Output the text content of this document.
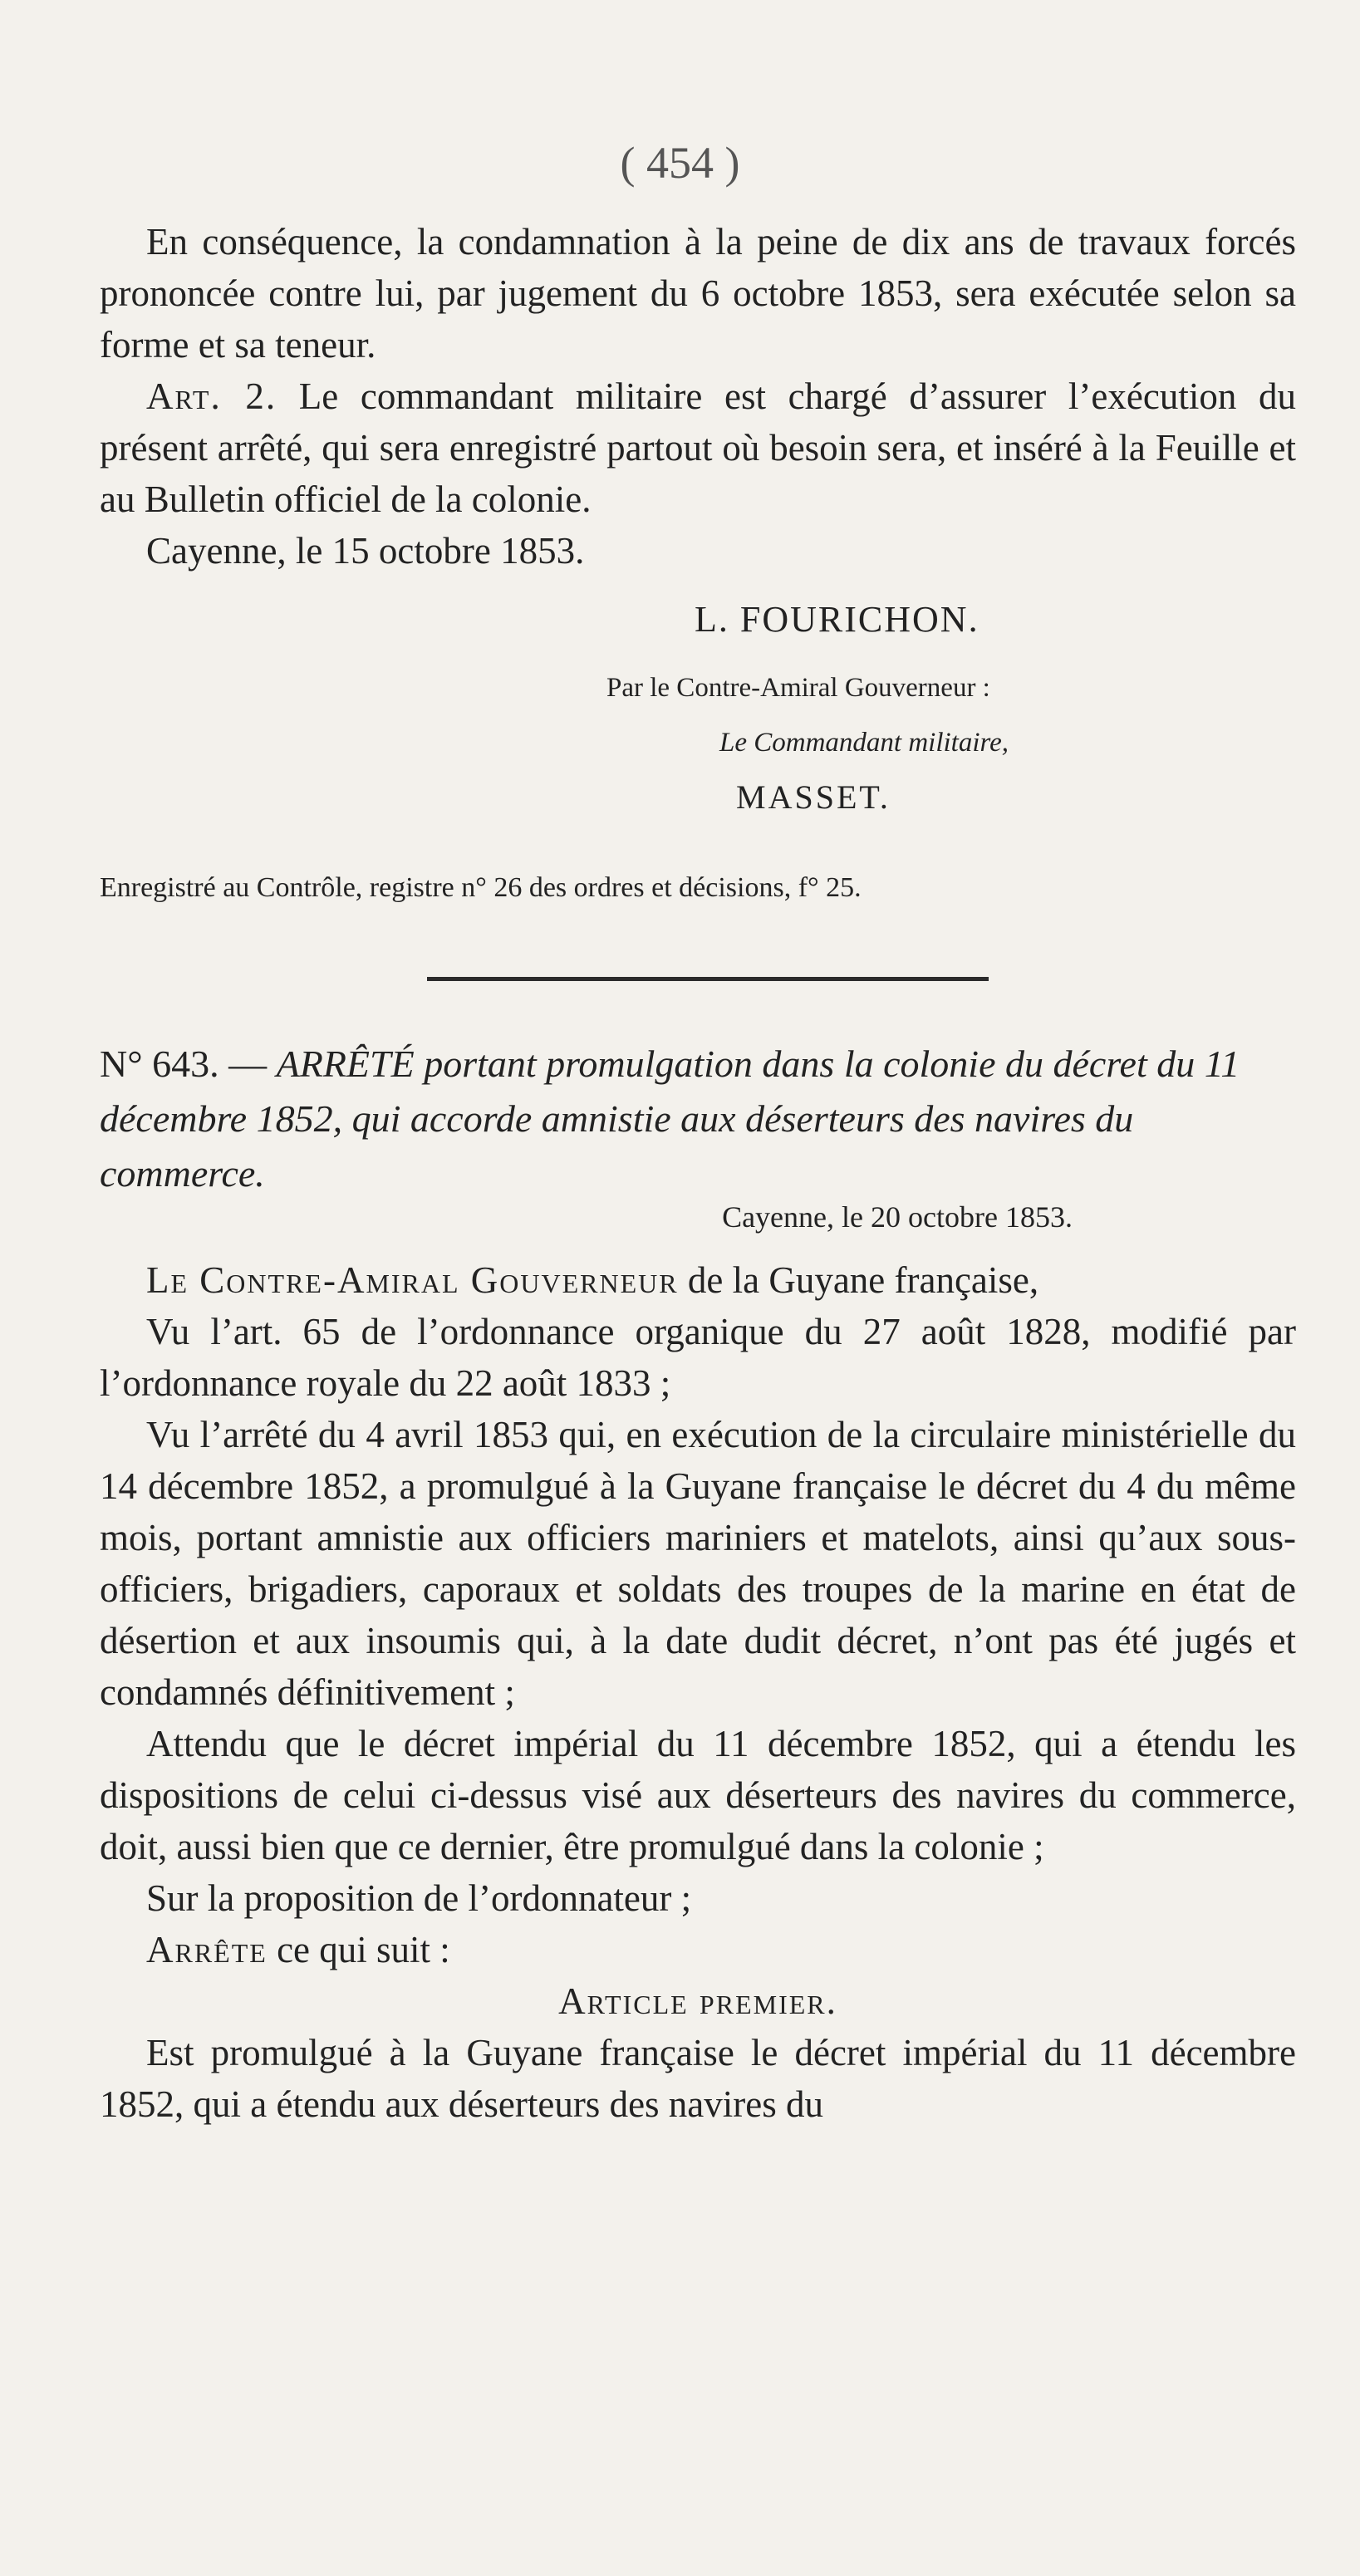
( 454 )

En conséquence, la condamnation à la peine de dix ans de travaux forcés prononcée contre lui, par jugement du 6 octobre 1853, sera exécutée selon sa forme et sa teneur.

Art. 2. Le commandant militaire est chargé d’assurer l’exécution du présent arrêté, qui sera enregistré partout où besoin sera, et inséré à la Feuille et au Bulletin officiel de la colonie.

Cayenne, le 15 octobre 1853.

L. FOURICHON.
Par le Contre-Amiral Gouverneur :
Le Commandant militaire,
MASSET.
Enregistré au Contrôle, registre n° 26 des ordres et décisions, f° 25.
N° 643. — ARRÊTÉ portant promulgation dans la colonie du décret du 11 décembre 1852, qui accorde amnistie aux déserteurs des navires du commerce.
Cayenne, le 20 octobre 1853.

Le Contre-Amiral Gouverneur de la Guyane française,

Vu l’art. 65 de l’ordonnance organique du 27 août 1828, modifié par l’ordonnance royale du 22 août 1833 ;

Vu l’arrêté du 4 avril 1853 qui, en exécution de la circulaire ministérielle du 14 décembre 1852, a promulgué à la Guyane française le décret du 4 du même mois, portant amnistie aux officiers mariniers et matelots, ainsi qu’aux sous-officiers, brigadiers, caporaux et soldats des troupes de la marine en état de désertion et aux insoumis qui, à la date dudit décret, n’ont pas été jugés et condamnés définitivement ;

Attendu que le décret impérial du 11 décembre 1852, qui a étendu les dispositions de celui ci-dessus visé aux déserteurs des navires du commerce, doit, aussi bien que ce dernier, être promulgué dans la colonie ;

Sur la proposition de l’ordonnateur ;

Arrête ce qui suit :

Article premier.

Est promulgué à la Guyane française le décret impérial du 11 décembre 1852, qui a étendu aux déserteurs des navires du
